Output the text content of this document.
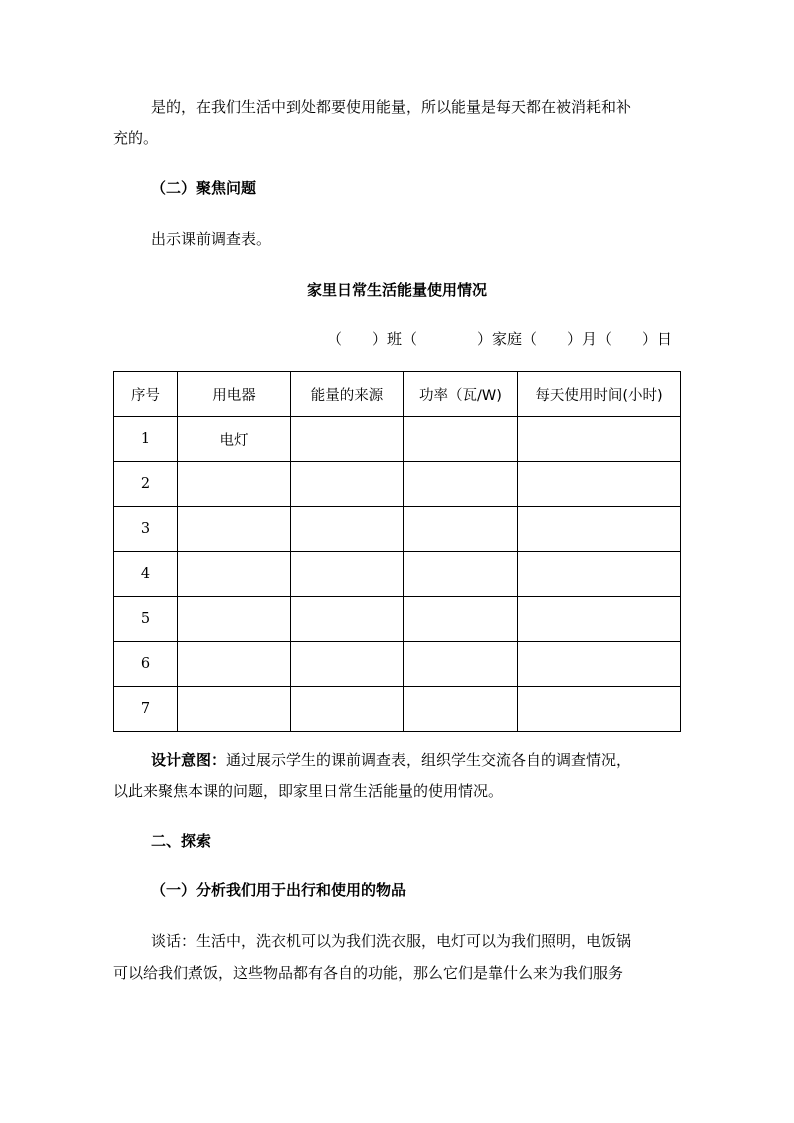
是的，在我们生活中到处都要使用能量，所以能量是每天都在被消耗和补
充的。
（二）聚焦问题
出示课前调查表。
家里日常生活能量使用情况
（　　）班（　　　　）家庭（　　）月（　　）日
序号	用电器	能量的来源	功率（瓦/W)	每天使用时间(小时)
1	电灯			
2				
3				
4				
5				
6				
7				
设计意图：通过展示学生的课前调查表，组织学生交流各自的调查情况，
以此来聚焦本课的问题，即家里日常生活能量的使用情况。
二、探索
（一）分析我们用于出行和使用的物品
谈话：生活中，洗衣机可以为我们洗衣服，电灯可以为我们照明，电饭锅
可以给我们煮饭，这些物品都有各自的功能，那么它们是靠什么来为我们服务
